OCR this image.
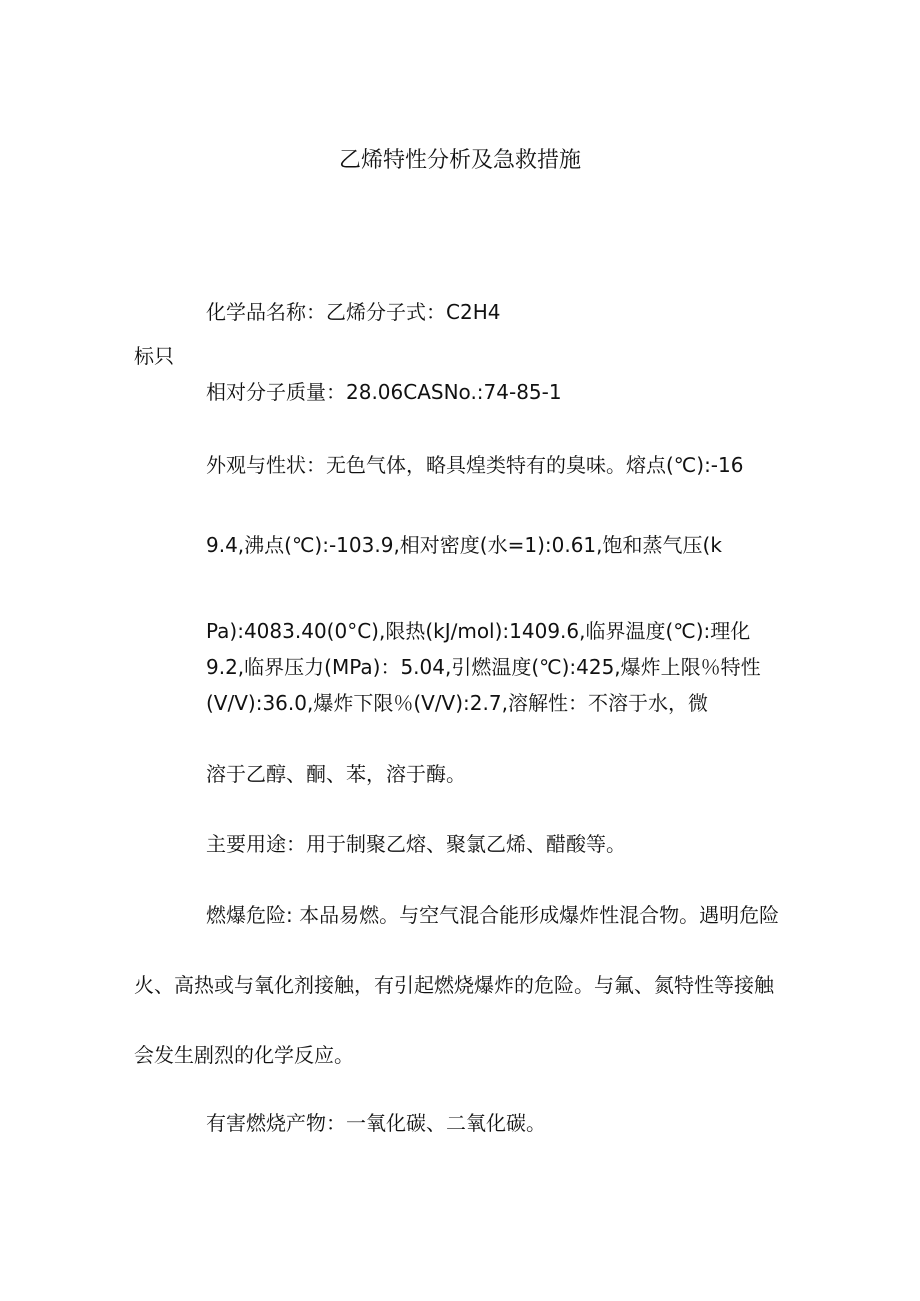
乙烯特性分析及急救措施
化学品名称：乙烯分子式：C2H4
标只
相对分子质量：28.06CASNo.:74-85-1
外观与性状：无色气体，略具煌类特有的臭味。熔点(℃):-16
9.4,沸点(℃):-103.9,相对密度(水=1):0.61,饱和蒸气压(k
Pa):4083.40(0°C),限热(kJ∕mol):1409.6,临界温度(℃):理化
9.2,临界压力(MPa)：5.04,引燃温度(℃):425,爆炸上限％特性
(V/V):36.0,爆炸下限％(V/V):2.7,溶解性：不溶于水，微
溶于乙醇、酮、苯，溶于酶。
主要用途：用于制聚乙熔、聚氯乙烯、醋酸等。
燃爆危险: 本品易燃。与空气混合能形成爆炸性混合物。遇明危险
火、高热或与氧化剂接触，有引起燃烧爆炸的危险。与氟、氮特性等接触
会发生剧烈的化学反应。
有害燃烧产物：一氧化碳、二氧化碳。
